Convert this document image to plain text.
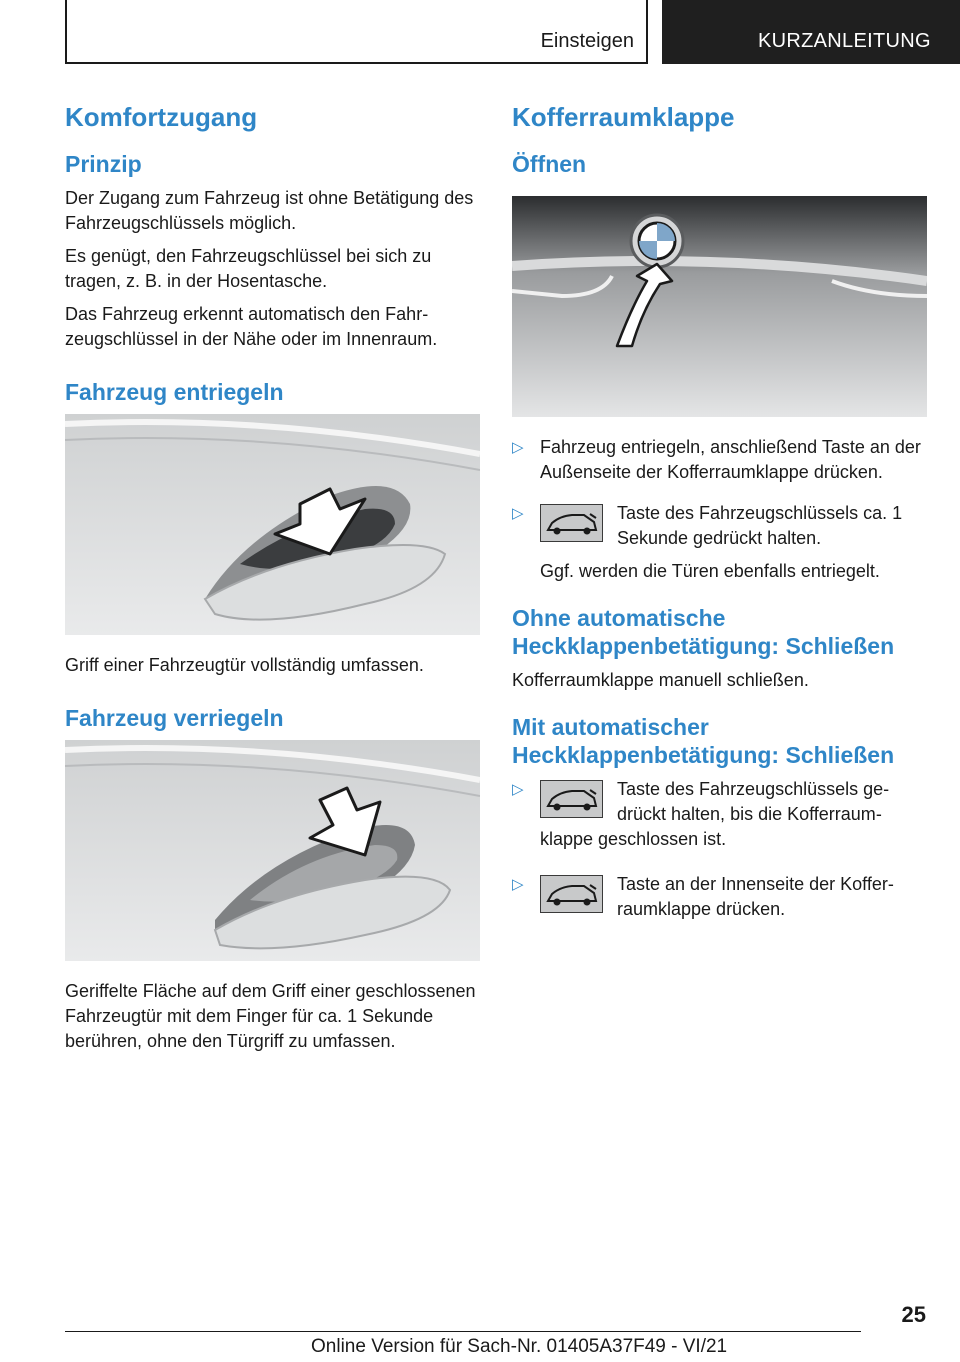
Einsteigen	KURZANLEITUNG
Komfortzugang
Prinzip

Der Zugang zum Fahrzeug ist ohne Betätigung des Fahrzeugschlüssels möglich.

Es genügt, den Fahrzeugschlüssel bei sich zu tragen, z. B. in der Hosentasche.

Das Fahrzeug erkennt automatisch den Fahrzeugschlüssel in der Nähe oder im Innenraum.

Fahrzeug entriegeln

Griff einer Fahrzeugtür vollständig umfassen.

Fahrzeug verriegeln

Geriffelte Fläche auf dem Griff einer geschlossenen Fahrzeugtür mit dem Finger für ca. 1 Sekunde berühren, ohne den Türgriff zu umfassen.

Kofferraumklappe
Öffnen
▷ Fahrzeug entriegeln, anschließend Taste an der Außenseite der Kofferraumklappe drücken.

▷	Taste des Fahrzeugschlüssels ca. 1 Sekunde gedrückt halten.

Ggf. werden die Türen ebenfalls entriegelt.

Ohne automatische Heckklappenbetätigung: Schließen

Kofferraumklappe manuell schließen.

Mit automatischer Heckklappenbetätigung: Schließen
▷	Taste des Fahrzeugschlüssels gedrückt halten, bis die Kofferraumklappe geschlossen ist.

▷	Taste an der Innenseite der Kofferraumklappe drücken.

25
Online Version für Sach-Nr. 01405A37F49 - VI/21
